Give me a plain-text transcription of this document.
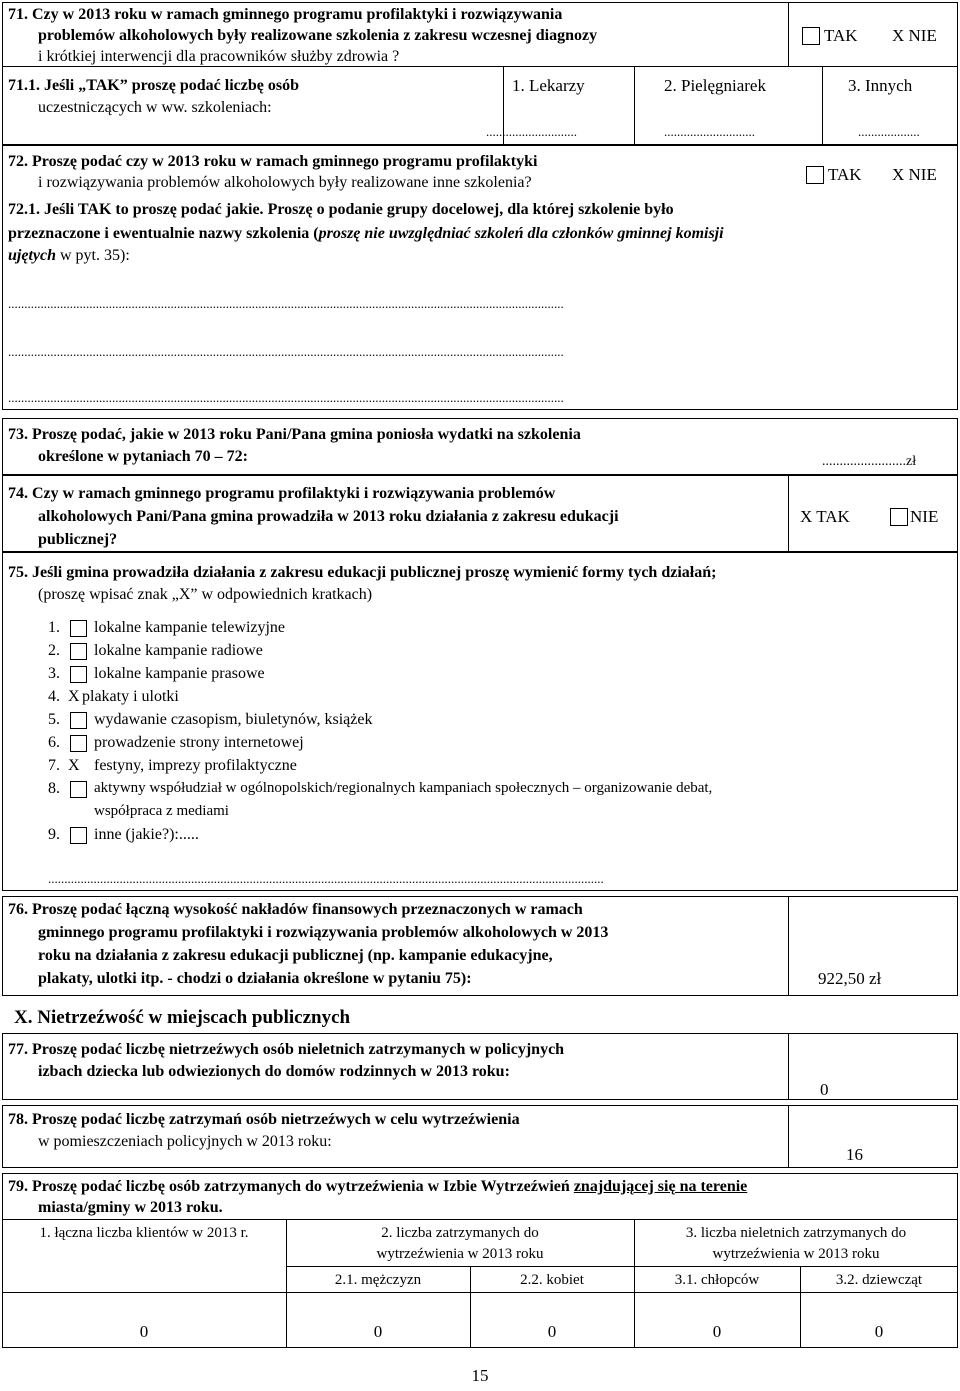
71. Czy w 2013 roku w ramach gminnego programu profilaktyki i rozwiązywania
problemów alkoholowych były realizowane szkolenia z zakresu wczesnej diagnozy
i krótkiej interwencji dla pracowników służby zdrowia ?
TAK X NIE
71.1. Jeśli „TAK” proszę podać liczbę osób
uczestniczących w ww. szkoleniach:
1. Lekarzy	2. Pielęgniarek	3. Innych
............................	............................	...................
72. Proszę podać czy w 2013 roku w ramach gminnego programu profilaktyki
i rozwiązywania problemów alkoholowych były realizowane inne szkolenia?	TAK X NIE
72.1. Jeśli TAK to proszę podać jakie. Proszę o podanie grupy docelowej, dla której szkolenie było
przeznaczone i ewentualnie nazwy szkolenia (proszę nie uwzględniać szkoleń dla członków gminnej komisji
ujętych w pyt. 35):
...........................................................................................................................................................................
...........................................................................................................................................................................
...........................................................................................................................................................................
73. Proszę podać, jakie w 2013 roku Pani/Pana gmina poniosła wydatki na szkolenia
określone w pytaniach 70 – 72:	........................zł
74. Czy w ramach gminnego programu profilaktyki i rozwiązywania problemów
alkoholowych Pani/Pana gmina prowadziła w 2013 roku działania z zakresu edukacji
publicznej?
X TAK	NIE
75. Jeśli gmina prowadziła działania z zakresu edukacji publicznej proszę wymienić formy tych działań;
(proszę wpisać znak „X” w odpowiednich kratkach)
1. lokalne kampanie telewizyjne
2. lokalne kampanie radiowe
3. lokalne kampanie prasowe
4. X plakaty i ulotki
5. wydawanie czasopism, biuletynów, książek
6. prowadzenie strony internetowej
7. X festyny, imprezy profilaktyczne
8. aktywny współudział w ogólnopolskich/regionalnych kampaniach społecznych – organizowanie debat,
9. inne (jakie?):.....
współpraca z mediami
...........................................................................................................................................................................
76. Proszę podać łączną wysokość nakładów finansowych przeznaczonych w ramach
gminnego programu profilaktyki i rozwiązywania problemów alkoholowych w 2013
roku na działania z zakresu edukacji publicznej (np. kampanie edukacyjne,
plakaty, ulotki itp. - chodzi o działania określone w pytaniu 75):	922,50 zł
X. Nietrzeźwość w miejscach publicznych
77. Proszę podać liczbę nietrzeźwych osób nieletnich zatrzymanych w policyjnych
izbach dziecka lub odwiezionych do domów rodzinnych w 2013 roku:
0
78. Proszę podać liczbę zatrzymań osób nietrzeźwych w celu wytrzeźwienia
w pomieszczeniach policyjnych w 2013 roku:
16
79. Proszę podać liczbę osób zatrzymanych do wytrzeźwienia w Izbie Wytrzeźwień znajdującej się na terenie
miasta/gminy w 2013 roku.
1. łączna liczba klientów w 2013 r.	2. liczba zatrzymanych do
wytrzeźwienia w 2013 roku
3. liczba nieletnich zatrzymanych do
wytrzeźwienia w 2013 roku
2.1. mężczyzn	2.2. kobiet	3.1. chłopców	3.2. dziewcząt
0	0	0	0	0
15
